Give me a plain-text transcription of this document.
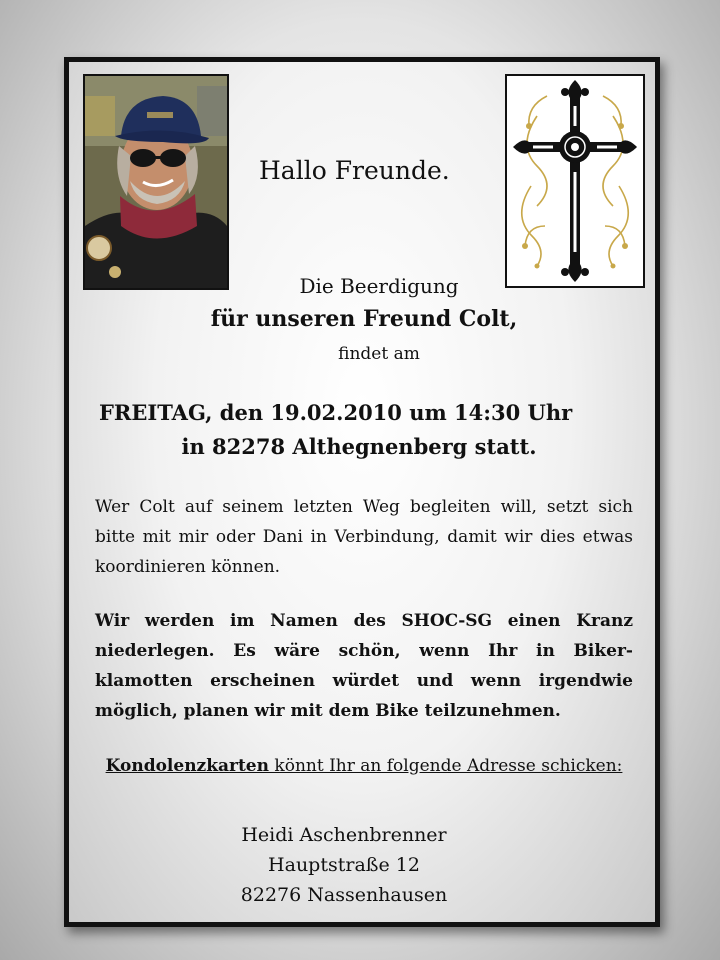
Hallo Freunde.
Die Beerdigung
für unseren Freund Colt,
findet am
FREITAG, den 19.02.2010 um 14:30 Uhr
in 82278 Althegnenberg statt.

Wer Colt auf seinem letzten Weg begleiten will, setzt sich bitte mit mir oder Dani in Verbindung, damit wir dies etwas koordinieren können.

Wir werden im Namen des SHOC-SG einen Kranz niederlegen. Es wäre schön, wenn Ihr in Biker-klamotten erscheinen würdet und wenn irgendwie möglich, planen wir mit dem Bike teilzunehmen.

Kondolenzkarten könnt Ihr an folgende Adresse schicken:
Heidi Aschenbrenner
Hauptstraße 12
82276 Nassenhausen
